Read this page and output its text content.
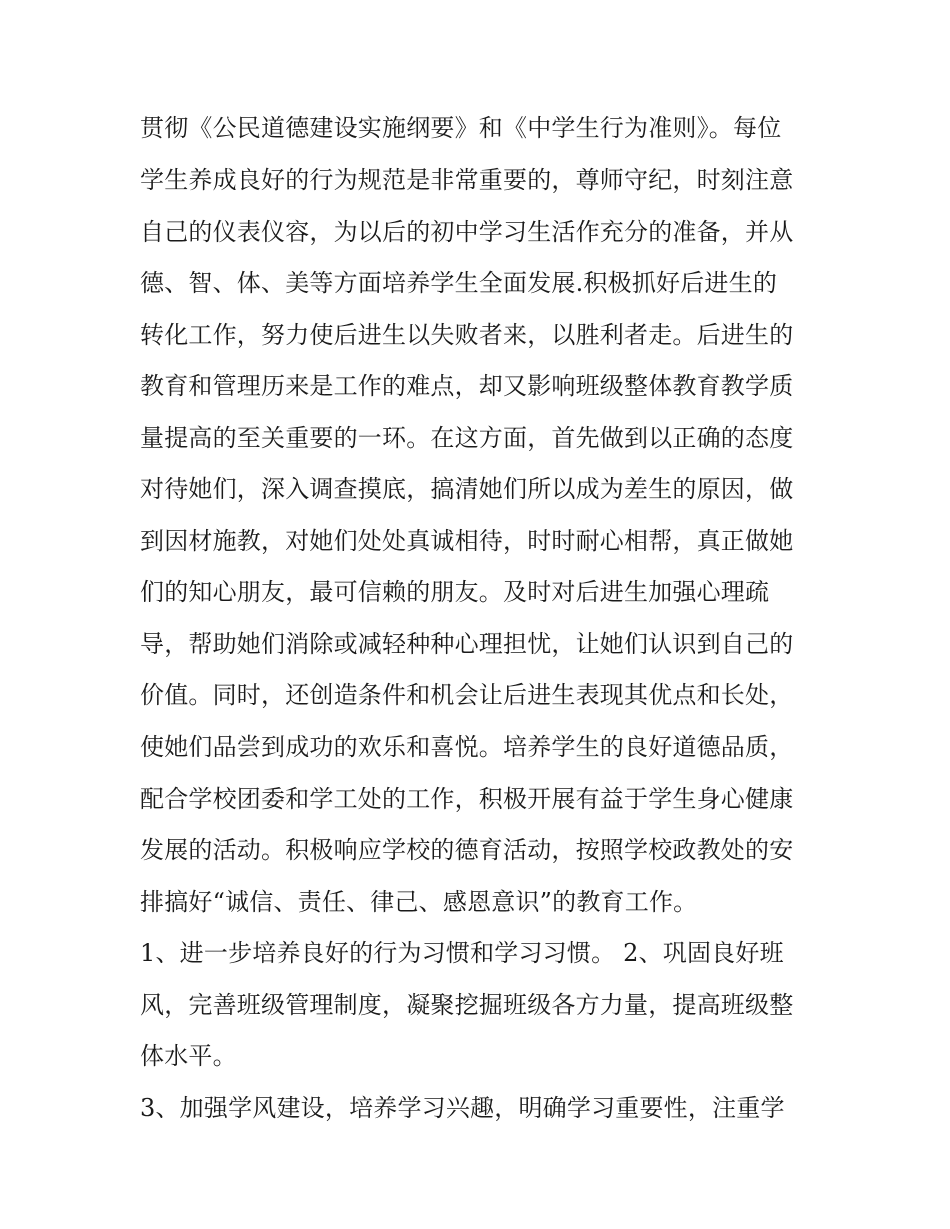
贯彻《公民道德建设实施纲要》和《中学生行为准则》。每位
学生养成良好的行为规范是非常重要的，尊师守纪，时刻注意
自己的仪表仪容，为以后的初中学习生活作充分的准备，并从
德、智、体、美等方面培养学生全面发展.积极抓好后进生的
转化工作，努力使后进生以失败者来，以胜利者走。后进生的
教育和管理历来是工作的难点，却又影响班级整体教育教学质
量提高的至关重要的一环。在这方面，首先做到以正确的态度
对待她们，深入调查摸底，搞清她们所以成为差生的原因，做
到因材施教，对她们处处真诚相待，时时耐心相帮，真正做她
们的知心朋友，最可信赖的朋友。及时对后进生加强心理疏
导，帮助她们消除或减轻种种心理担忧，让她们认识到自己的
价值。同时，还创造条件和机会让后进生表现其优点和长处，
使她们品尝到成功的欢乐和喜悦。培养学生的良好道德品质，
配合学校团委和学工处的工作，积极开展有益于学生身心健康
发展的活动。积极响应学校的德育活动，按照学校政教处的安
排搞好“诚信、责任、律己、感恩意识”的教育工作。
1、进一步培养良好的行为习惯和学习习惯。 2、巩固良好班
风，完善班级管理制度，凝聚挖掘班级各方力量，提高班级整
体水平。
3、加强学风建设，培养学习兴趣，明确学习重要性，注重学
